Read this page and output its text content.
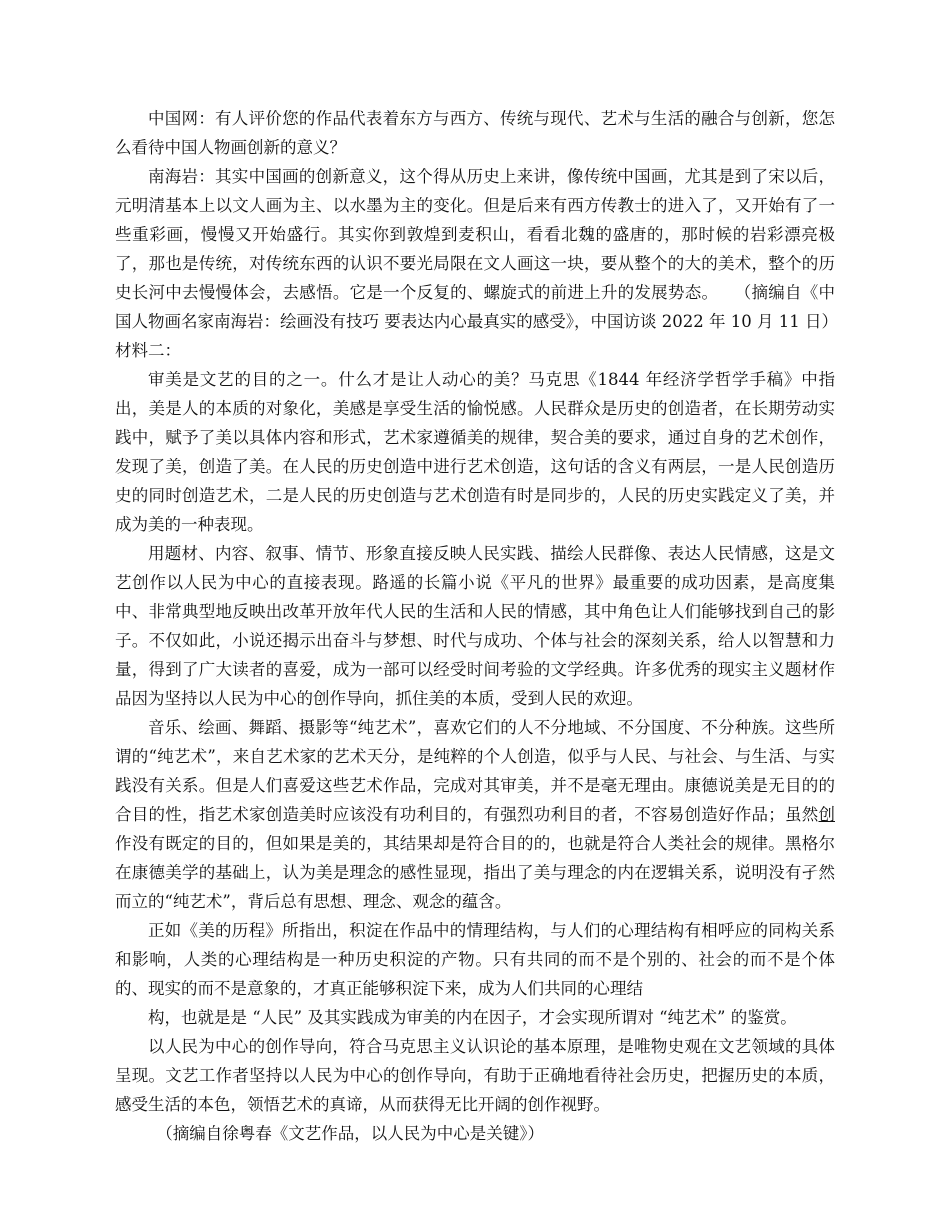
中国网：有人评价您的作品代表着东方与西方、传统与现代、艺术与生活的融合与创新，您怎么看待中国人物画创新的意义？

南海岩：其实中国画的创新意义，这个得从历史上来讲，像传统中国画，尤其是到了宋以后，元明清基本上以文人画为主、以水墨为主的变化。但是后来有西方传教士的进入了，又开始有了一些重彩画，慢慢又开始盛行。其实你到敦煌到麦积山，看看北魏的盛唐的，那时候的岩彩漂亮极了，那也是传统，对传统东西的认识不要光局限在文人画这一块，要从整个的大的美术，整个的历史长河中去慢慢体会，去感悟。它是一个反复的、螺旋式的前进上升的发展势态。 （摘编自《中国人物画名家南海岩：绘画没有技巧 要表达内心最真实的感受》，中国访谈 2022 年 10 月 11 日）

材料二：

审美是文艺的目的之一。什么才是让人动心的美？马克思《1844 年经济学哲学手稿》中指出，美是人的本质的对象化，美感是享受生活的愉悦感。人民群众是历史的创造者，在长期劳动实践中，赋予了美以具体内容和形式，艺术家遵循美的规律，契合美的要求，通过自身的艺术创作，发现了美，创造了美。在人民的历史创造中进行艺术创造，这句话的含义有两层，一是人民创造历史的同时创造艺术，二是人民的历史创造与艺术创造有时是同步的，人民的历史实践定义了美，并成为美的一种表现。

用题材、内容、叙事、情节、形象直接反映人民实践、描绘人民群像、表达人民情感，这是文艺创作以人民为中心的直接表现。路遥的长篇小说《平凡的世界》最重要的成功因素，是高度集中、非常典型地反映出改革开放年代人民的生活和人民的情感，其中角色让人们能够找到自己的影子。不仅如此，小说还揭示出奋斗与梦想、时代与成功、个体与社会的深刻关系，给人以智慧和力量，得到了广大读者的喜爱，成为一部可以经受时间考验的文学经典。许多优秀的现实主义题材作品因为坚持以人民为中心的创作导向，抓住美的本质，受到人民的欢迎。

音乐、绘画、舞蹈、摄影等“纯艺术”，喜欢它们的人不分地域、不分国度、不分种族。这些所谓的“纯艺术”，来自艺术家的艺术天分，是纯粹的个人创造，似乎与人民、与社会、与生活、与实践没有关系。但是人们喜爱这些艺术作品，完成对其审美，并不是毫无理由。康德说美是无目的的合目的性，指艺术家创造美时应该没有功利目的，有强烈功利目的者，不容易创造好作品；虽然创作没有既定的目的，但如果是美的，其结果却是符合目的的，也就是符合人类社会的规律。黑格尔在康德美学的基础上，认为美是理念的感性显现，指出了美与理念的内在逻辑关系，说明没有孑然而立的“纯艺术”，背后总有思想、理念、观念的蕴含。

正如《美的历程》所指出，积淀在作品中的情理结构，与人们的心理结构有相呼应的同构关系和影响，人类的心理结构是一种历史积淀的产物。只有共同的而不是个别的、社会的而不是个体的、现实的而不是意象的，才真正能够积淀下来，成为人们共同的心理结

构，也就是是 “人民” 及其实践成为审美的内在因子，才会实现所谓对 “纯艺术” 的鉴赏。

以人民为中心的创作导向，符合马克思主义认识论的基本原理，是唯物史观在文艺领域的具体呈现。文艺工作者坚持以人民为中心的创作导向，有助于正确地看待社会历史，把握历史的本质，感受生活的本色，领悟艺术的真谛，从而获得无比开阔的创作视野。

（摘编自徐粤春《文艺作品，以人民为中心是关键》）
